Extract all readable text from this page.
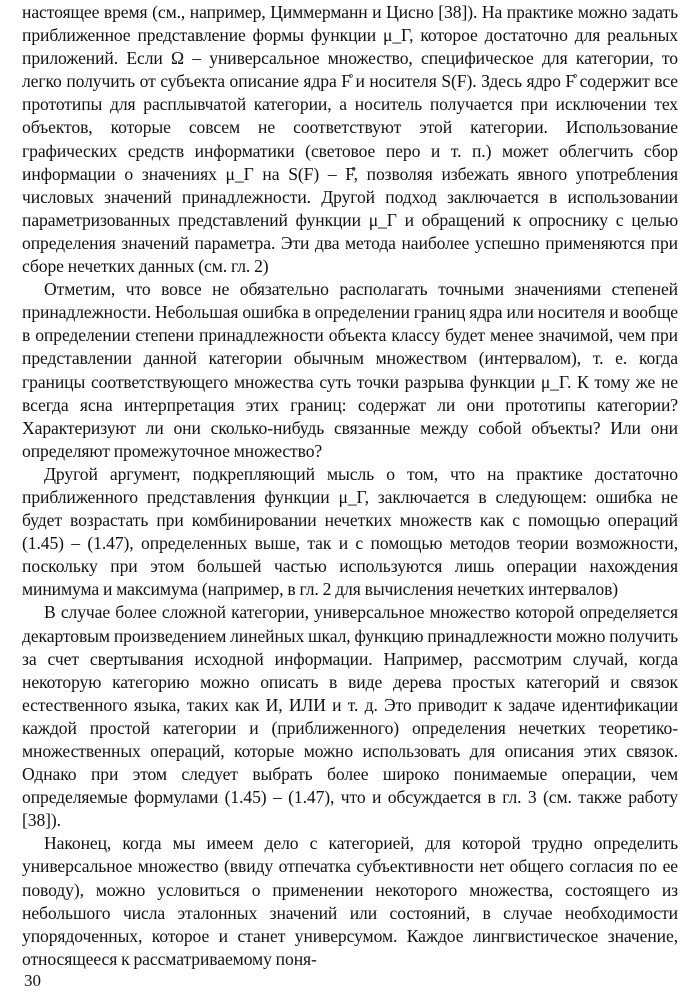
настоящее время (см., например, Циммерманн и Цисно [38]). На практике можно задать приближенное представление формы функции μ_Г, которое достаточно для реальных приложений. Если Ω – универсальное множество, специфическое для категории, то легко получить от субъекта описание ядра F̊ и носителя S(F). Здесь ядро F̊ содержит все прототипы для расплывчатой категории, а носитель получается при исключении тех объектов, которые совсем не соответствуют этой категории. Использование графических средств информатики (световое перо и т. п.) может облегчить сбор информации о значениях μ_Г на S(F) – F̊, позволяя избежать явного употребления числовых значений принадлежности. Другой подход заключается в использовании параметризованных представлений функции μ_Г и обращений к опроснику с целью определения значений параметра. Эти два метода наиболее успешно применяются при сборе нечетких данных (см. гл. 2)

Отметим, что вовсе не обязательно располагать точными значениями степеней принадлежности. Небольшая ошибка в определении границ ядра или носителя и вообще в определении степени принадлежности объекта классу будет менее значимой, чем при представлении данной категории обычным множеством (интервалом), т. е. когда границы соответствующего множества суть точки разрыва функции μ_Г. К тому же не всегда ясна интерпретация этих границ: содержат ли они прототипы категории? Характеризуют ли они сколько-нибудь связанные между собой объекты? Или они определяют промежуточное множество?

Другой аргумент, подкрепляющий мысль о том, что на практике достаточно приближенного представления функции μ_Г, заключается в следующем: ошибка не будет возрастать при комбинировании нечетких множеств как с помощью операций (1.45) – (1.47), определенных выше, так и с помощью методов теории возможности, поскольку при этом большей частью используются лишь операции нахождения минимума и максимума (например, в гл. 2 для вычисления нечетких интервалов)

В случае более сложной категории, универсальное множество которой определяется декартовым произведением линейных шкал, функцию принадлежности можно получить за счет свертывания исходной информации. Например, рассмотрим случай, когда некоторую категорию можно описать в виде дерева простых категорий и связок естественного языка, таких как И, ИЛИ и т. д. Это приводит к задаче идентификации каждой простой категории и (приближенного) определения нечетких теоретико-множественных операций, которые можно использовать для описания этих связок. Однако при этом следует выбрать более широко понимаемые операции, чем определяемые формулами (1.45) – (1.47), что и обсуждается в гл. 3 (см. также работу [38]).

Наконец, когда мы имеем дело с категорией, для которой трудно определить универсальное множество (ввиду отпечатка субъективности нет общего согласия по ее поводу), можно условиться о применении некоторого множества, состоящего из небольшого числа эталонных значений или состояний, в случае необходимости упорядоченных, которое и станет универсумом. Каждое лингвистическое значение, относящееся к рассматриваемому поня-

30
